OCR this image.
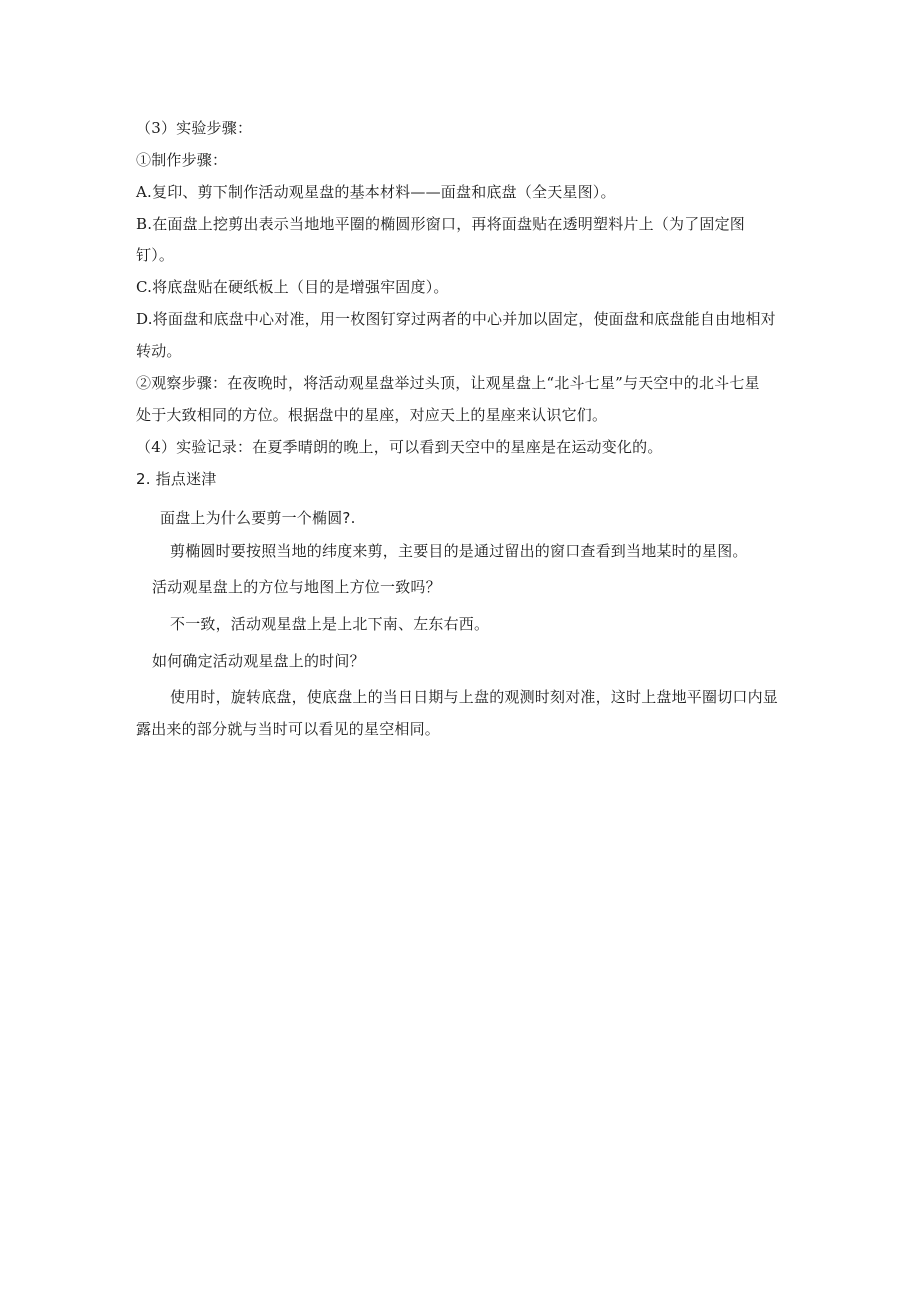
（3）实验步骤：
①制作步骤：
A.复印、剪下制作活动观星盘的基本材料——面盘和底盘（全天星图）。
B.在面盘上挖剪出表示当地地平圈的椭圆形窗口，再将面盘贴在透明塑料片上（为了固定图
钉）。
C.将底盘贴在硬纸板上（目的是增强牢固度）。
D.将面盘和底盘中心对准，用一枚图钉穿过两者的中心并加以固定，使面盘和底盘能自由地相对
转动。
②观察步骤：在夜晚时，将活动观星盘举过头顶，让观星盘上“北斗七星”与天空中的北斗七星
处于大致相同的方位。根据盘中的星座，对应天上的星座来认识它们。
（4）实验记录：在夏季晴朗的晚上，可以看到天空中的星座是在运动变化的。
2. 指点迷津
面盘上为什么要剪一个椭圆?.
剪椭圆时要按照当地的纬度来剪，主要目的是通过留出的窗口查看到当地某时的星图。
活动观星盘上的方位与地图上方位一致吗？
不一致，活动观星盘上是上北下南、左东右西。
如何确定活动观星盘上的时间？
使用时，旋转底盘，使底盘上的当日日期与上盘的观测时刻对准，这时上盘地平圈切口内显
露出来的部分就与当时可以看见的星空相同。
